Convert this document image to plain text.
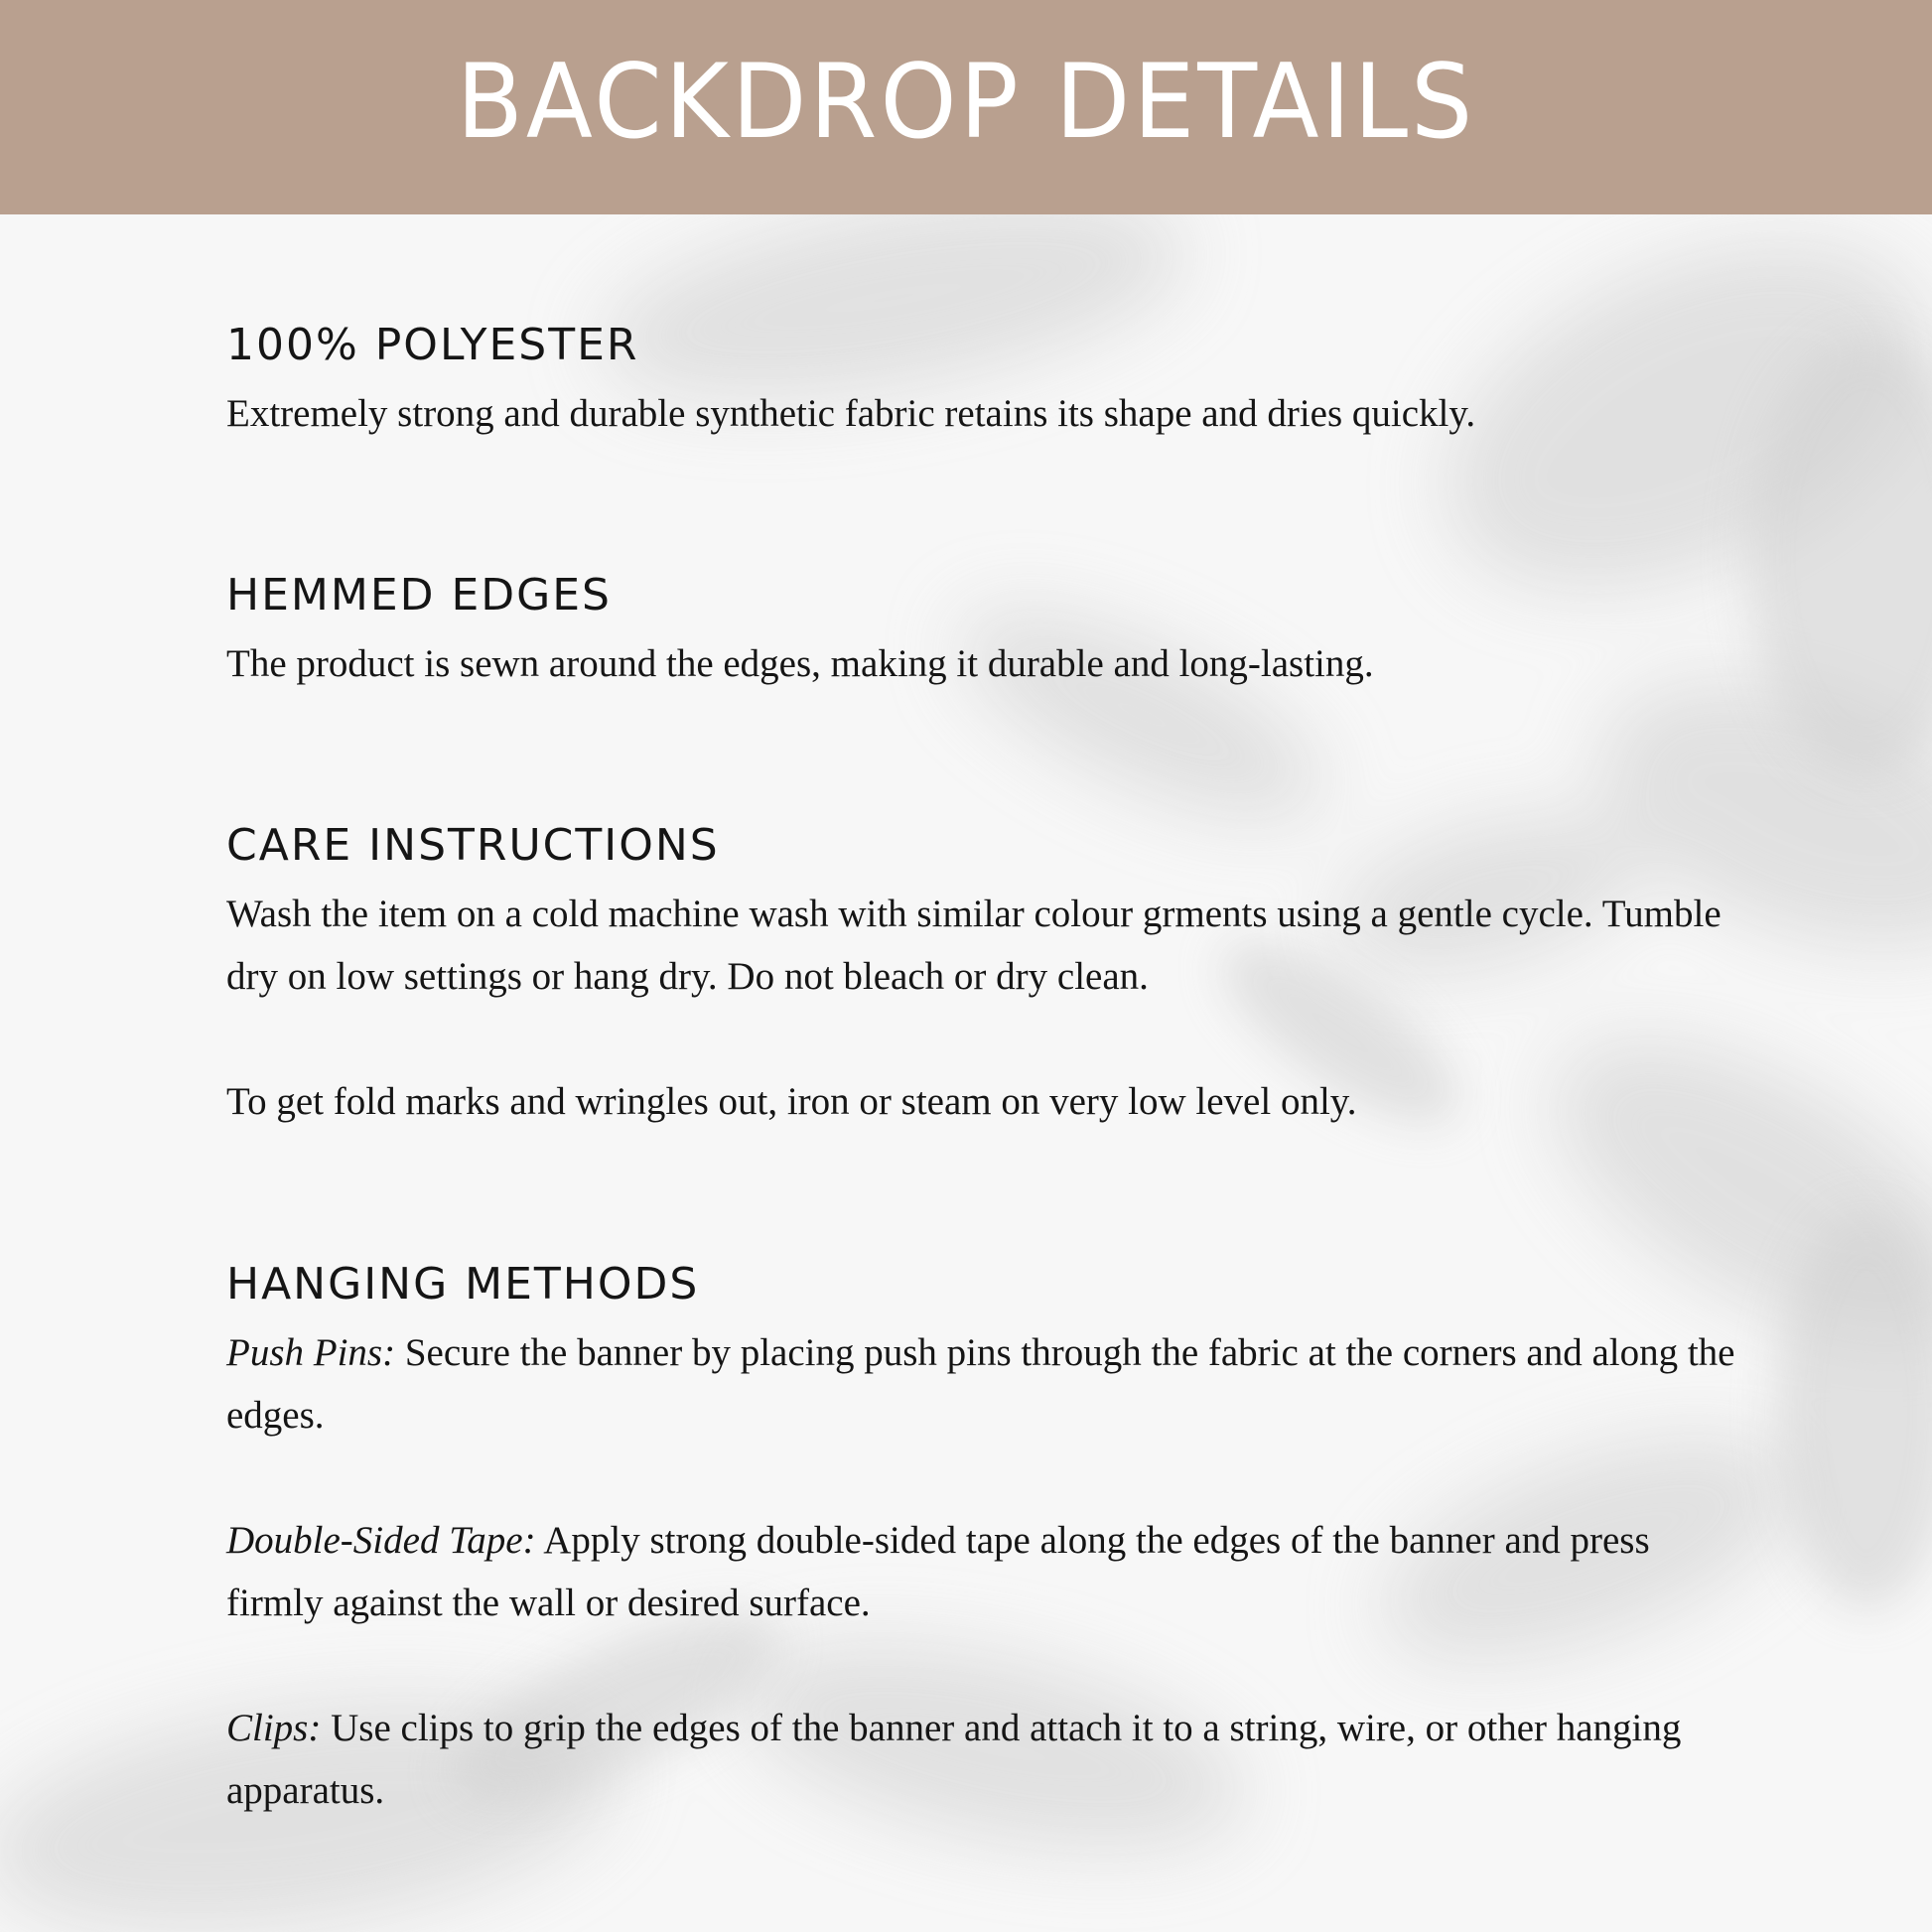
BACKDROP DETAILS
100% POLYESTER

Extremely strong and durable synthetic fabric retains its shape and dries quickly.

HEMMED EDGES

The product is sewn around the edges, making it durable and long-lasting.

CARE INSTRUCTIONS

Wash the item on a cold machine wash with similar colour grments using a gentle cycle. Tumble dry on low settings or hang dry. Do not bleach or dry clean.

To get fold marks and wringles out, iron or steam on very low level only.

HANGING METHODS

Push Pins: Secure the banner by placing push pins through the fabric at the corners and along the edges.

Double-Sided Tape: Apply strong double-sided tape along the edges of the banner and press firmly against the wall or desired surface.

Clips: Use clips to grip the edges of the banner and attach it to a string, wire, or other hanging apparatus.
